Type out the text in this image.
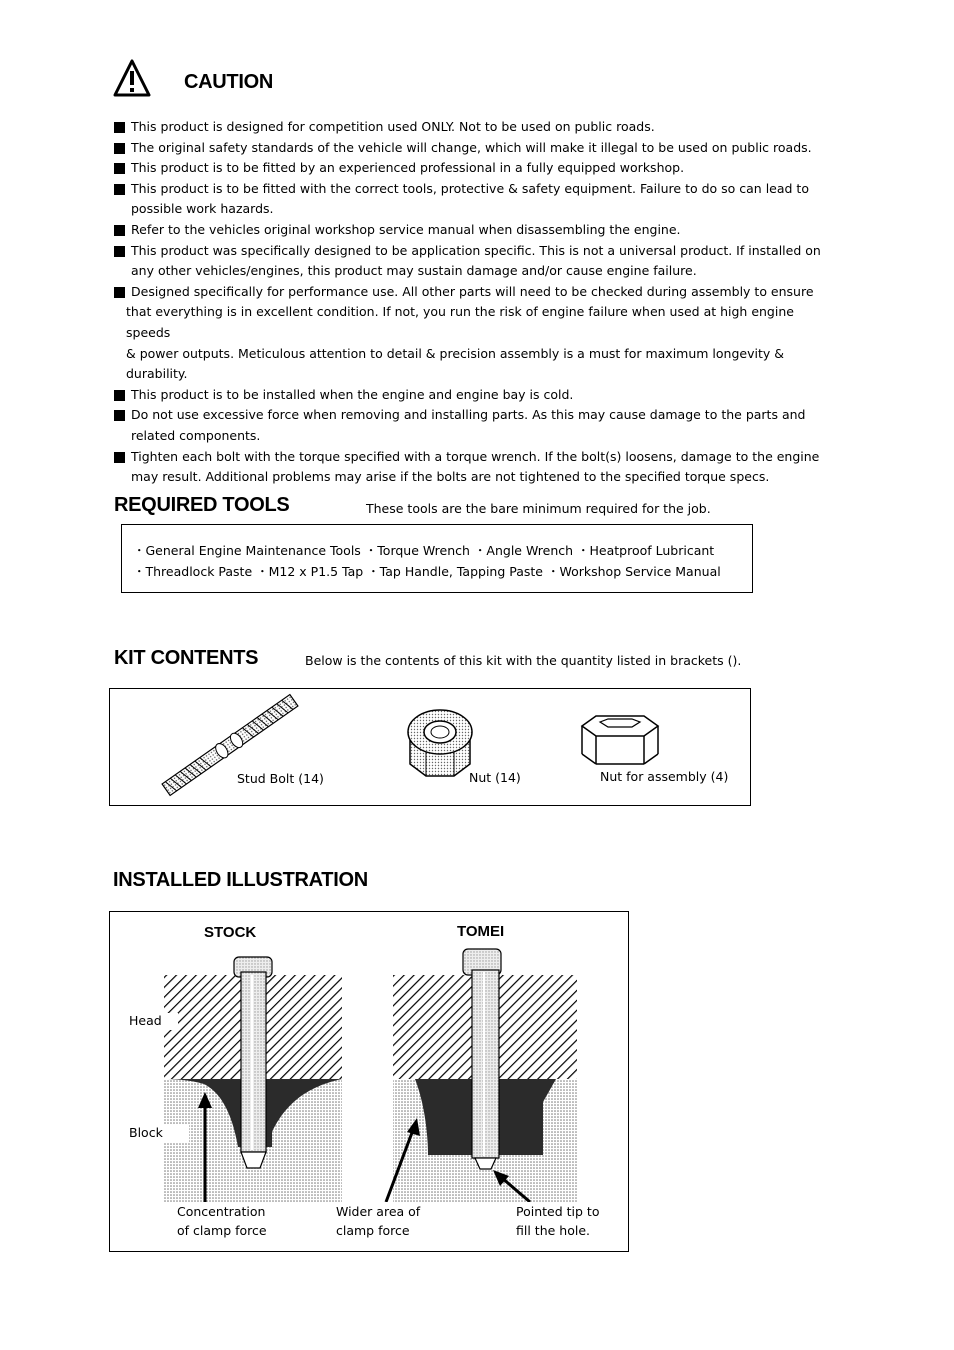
CAUTION
This product is designed for competition used ONLY. Not to be used on public roads.
The original safety standards of the vehicle will change, which will make it illegal to be used on public roads.
This product is to be fitted by an experienced professional in a fully equipped workshop.
This product is to be fitted with the correct tools, protective & safety equipment. Failure to do so can lead to
possible work hazards.
Refer to the vehicles original workshop service manual when disassembling the engine.
This product was specifically designed to be application specific. This is not a universal product. If installed on
any other vehicles/engines, this product may sustain damage and/or cause engine failure.
Designed specifically for performance use. All other parts will need to be checked during assembly to ensure
that everything is in excellent condition. If not, you run the risk of engine failure when used at high engine speeds
& power outputs. Meticulous attention to detail & precision assembly is a must for maximum longevity & durability.
This product is to be installed when the engine and engine bay is cold.
Do not use excessive force when removing and installing parts. As this may cause damage to the parts and
related components.
Tighten each bolt with the torque specified with a torque wrench. If the bolt(s) loosens, damage to the engine
may result. Additional problems may arise if the bolts are not tightened to the specified torque specs.
REQUIRED TOOLS	These tools are the bare minimum required for the job.
・General Engine Maintenance Tools ・Torque Wrench ・Angle Wrench ・Heatproof Lubricant
・Threadlock Paste ・M12 x P1.5 Tap ・Tap Handle, Tapping Paste ・Workshop Service Manual
KIT CONTENTS	Below is the contents of this kit with the quantity listed in brackets ().
Stud Bolt (14)	Nut (14)	Nut for assembly (4)
INSTALLED ILLUSTRATION
STOCK	TOMEI
Head
Block
Concentration
of clamp force
Wider area of
clamp force
Pointed tip to
fill the hole.
